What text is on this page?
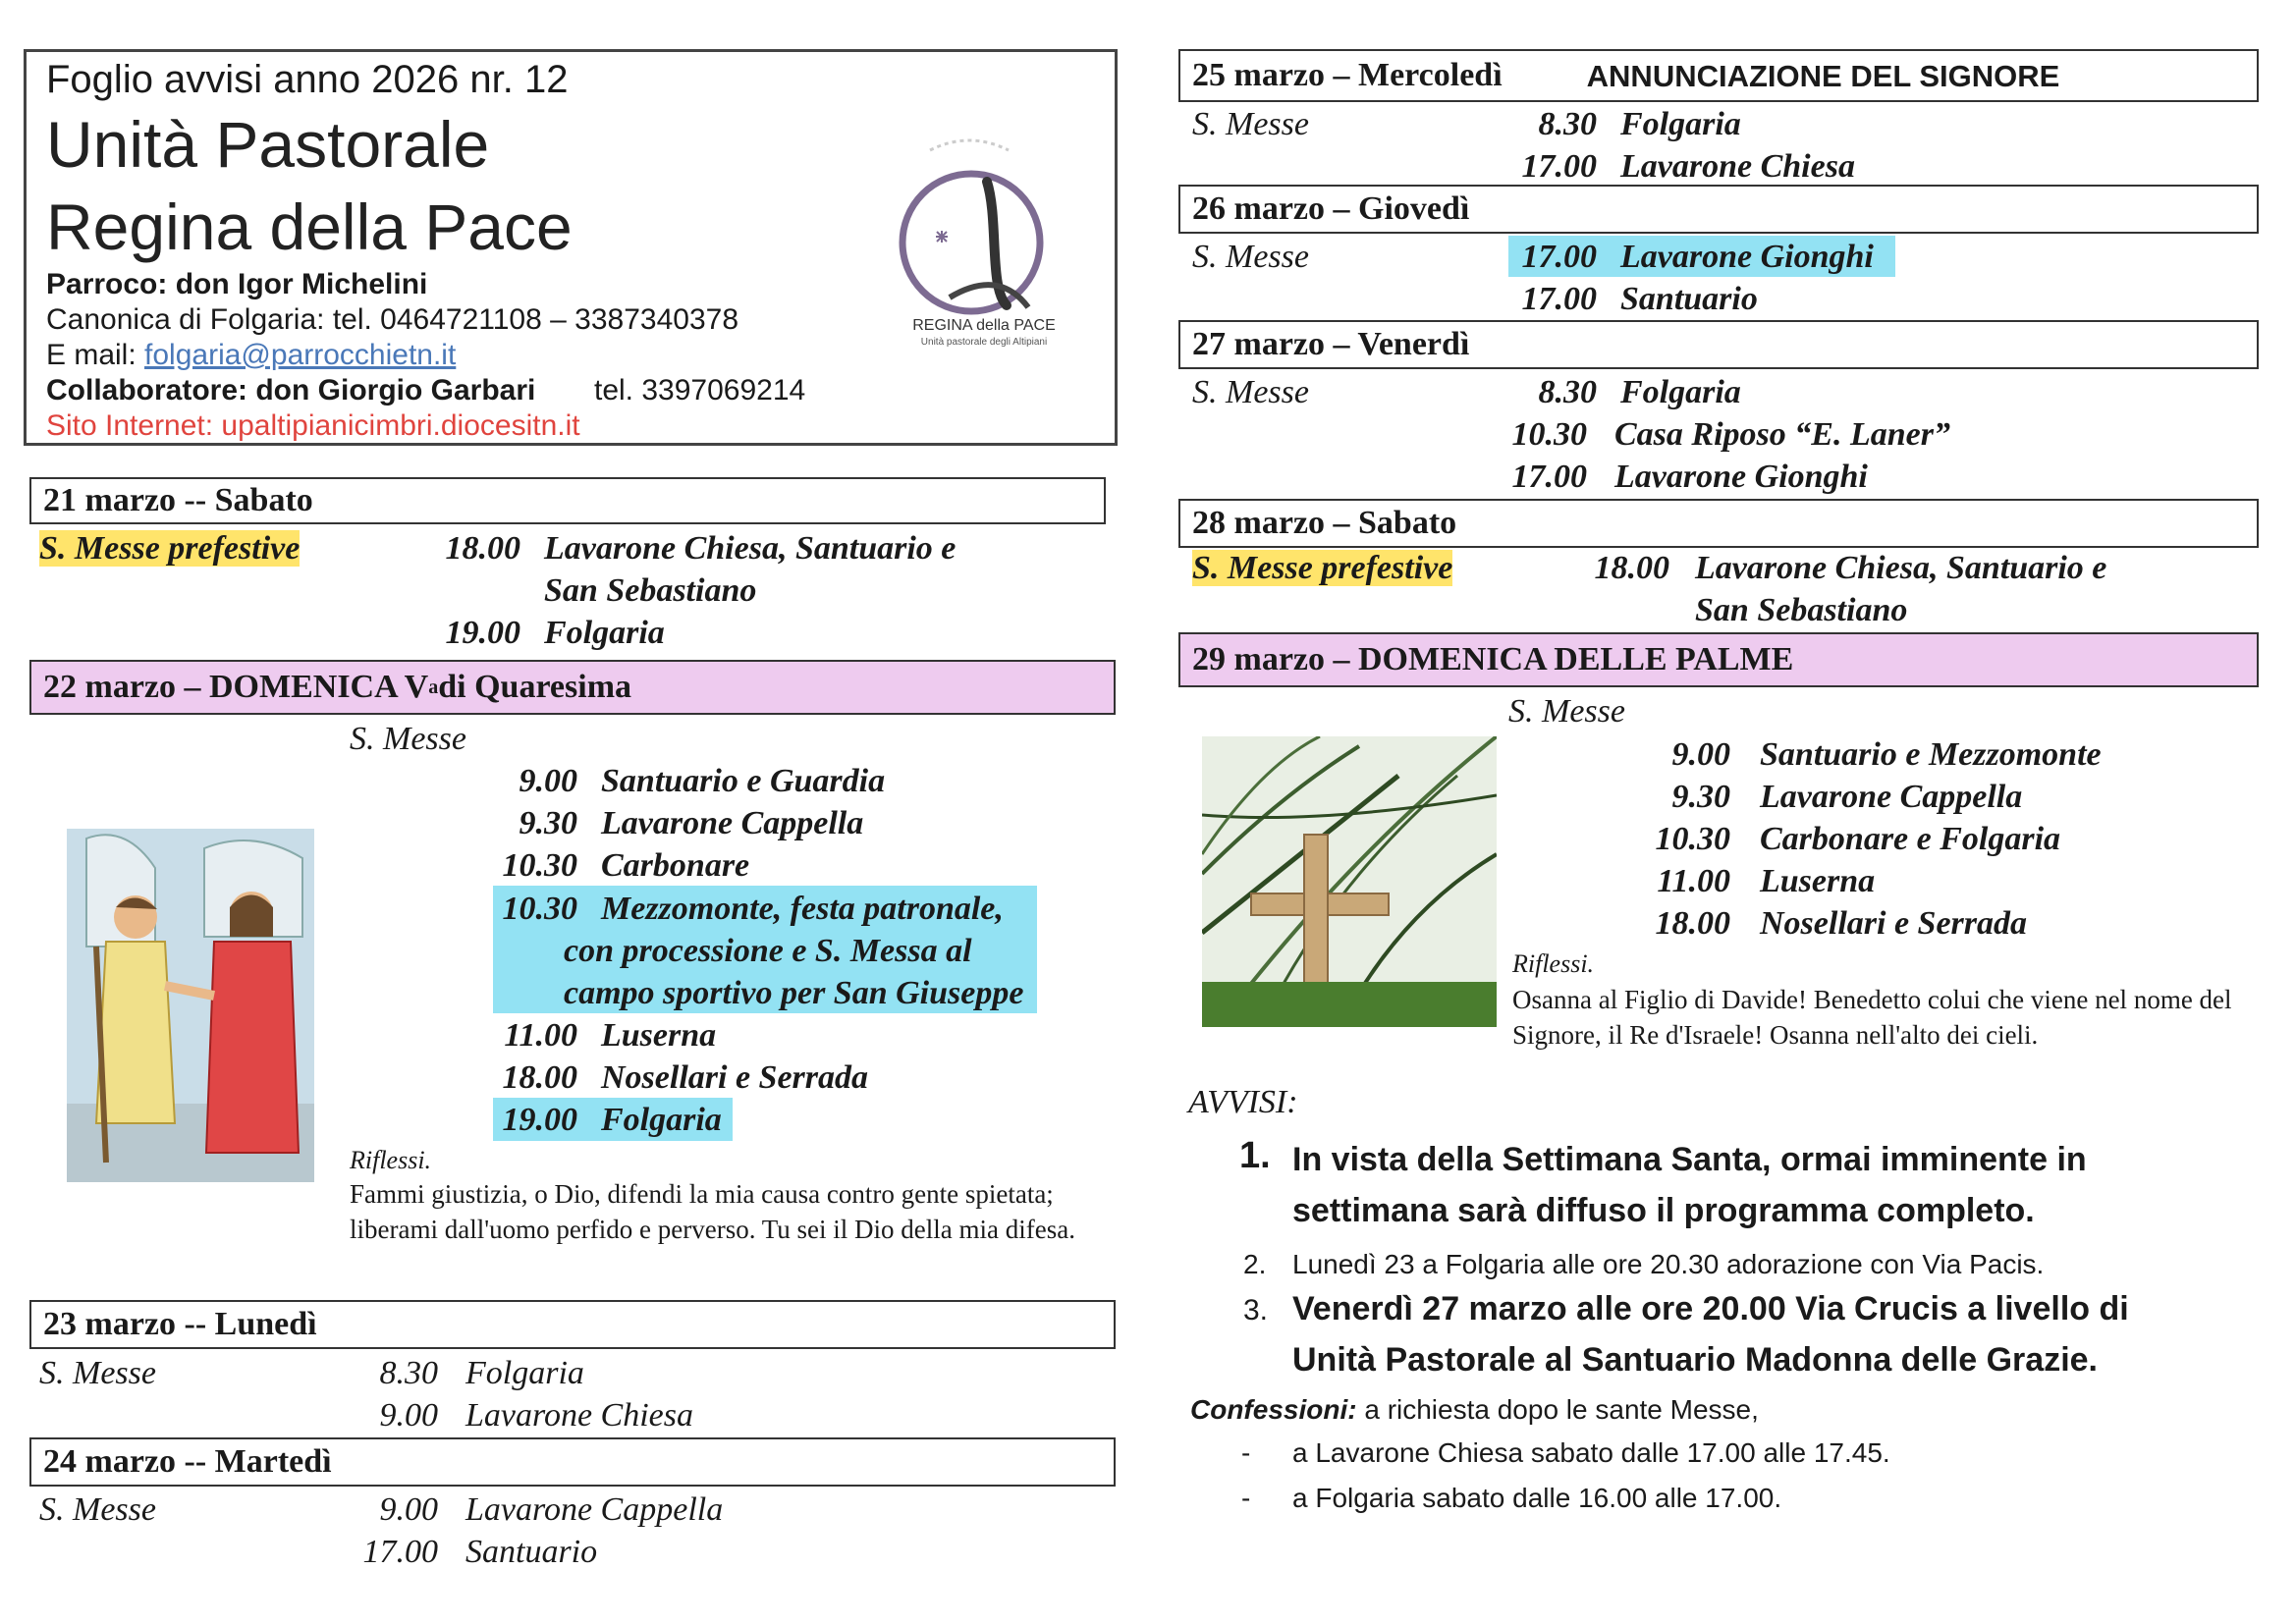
Foglio avvisi anno 2026 nr. 12
Unità Pastorale
Regina della Pace
Parroco: don Igor Michelini
Canonica di Folgaria: tel. 0464721108 – 3387340378
E mail: folgaria@parrocchietn.it
Collaboratore: don Giorgio Garbari tel. 3397069214
Sito Internet: upaltipianicimbri.diocesitn.it
REGINA della PACE
Unità pastorale degli Altipiani
21 marzo -- Sabato
S. Messe prefestive	18.00 Lavarone Chiesa, Santuario e
San Sebastiano
19.00 Folgaria
22 marzo – DOMENICA V a di Quaresima
S. Messe
9.00 Santuario e Guardia
9.30 Lavarone Cappella
10.30 Carbonare
10.30 Mezzomonte, festa patronale,
con processione e S. Messa al
campo sportivo per San Giuseppe
11.00 Luserna
18.00 Nosellari e Serrada
19.00 Folgaria
Riflessi.
Fammi giustizia, o Dio, difendi la mia causa contro gente spietata; liberami dall'uomo perfido e perverso. Tu sei il Dio della mia difesa.
23 marzo -- Lunedì
S. Messe	8.30 Folgaria
9.00 Lavarone Chiesa
24 marzo -- Martedì
S. Messe	9.00 Lavarone Cappella
17.00 Santuario
25 marzo – Mercoledì	ANNUNCIAZIONE DEL SIGNORE
S. Messe	8.30 Folgaria
17.00 Lavarone Chiesa
26 marzo – Giovedì
S. Messe	17.00 Lavarone Gionghi
17.00 Santuario
27 marzo – Venerdì
S. Messe	8.30 Folgaria
10.30 Casa Riposo “E. Laner”
17.00 Lavarone Gionghi
28 marzo – Sabato
S. Messe prefestive	18.00 Lavarone Chiesa, Santuario e
San Sebastiano
29 marzo – DOMENICA DELLE PALME
S. Messe
9.00 Santuario e Mezzomonte
9.30 Lavarone Cappella
10.30 Carbonare e Folgaria
11.00 Luserna
18.00 Nosellari e Serrada
Riflessi.
Osanna al Figlio di Davide! Benedetto colui che viene nel nome del Signore, il Re d'Israele! Osanna nell'alto dei cieli.
AVVISI:
1. In vista della Settimana Santa, ormai imminente in
settimana sarà diffuso il programma completo.
2. Lunedì 23 a Folgaria alle ore 20.30 adorazione con Via Pacis.
3. Venerdì 27 marzo alle ore 20.00 Via Crucis a livello di
Unità Pastorale al Santuario Madonna delle Grazie.
Confessioni: a richiesta dopo le sante Messe,
- a Lavarone Chiesa sabato dalle 17.00 alle 17.45.
- a Folgaria sabato dalle 16.00 alle 17.00.
